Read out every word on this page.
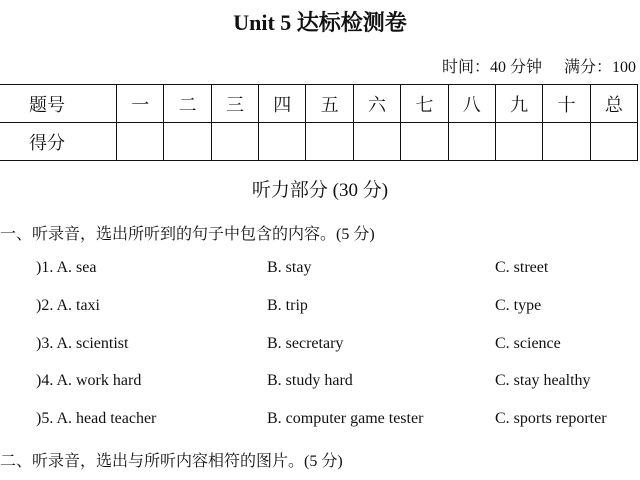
Unit 5 达标检测卷
时间：40 分钟 满分：100
题号	一	二	三	四	五	六	七	八	九	十	总
得分											
听力部分 (30 分)
一、听录音，选出所听到的句子中包含的内容。(5 分)
)1. A. sea	B. stay	C. street
)2. A. taxi	B. trip	C. type
)3. A. scientist	B. secretary	C. science
)4. A. work hard	B. study hard	C. stay healthy
)5. A. head teacher	B. computer game tester	C. sports reporter
二、听录音，选出与所听内容相符的图片。(5 分)
